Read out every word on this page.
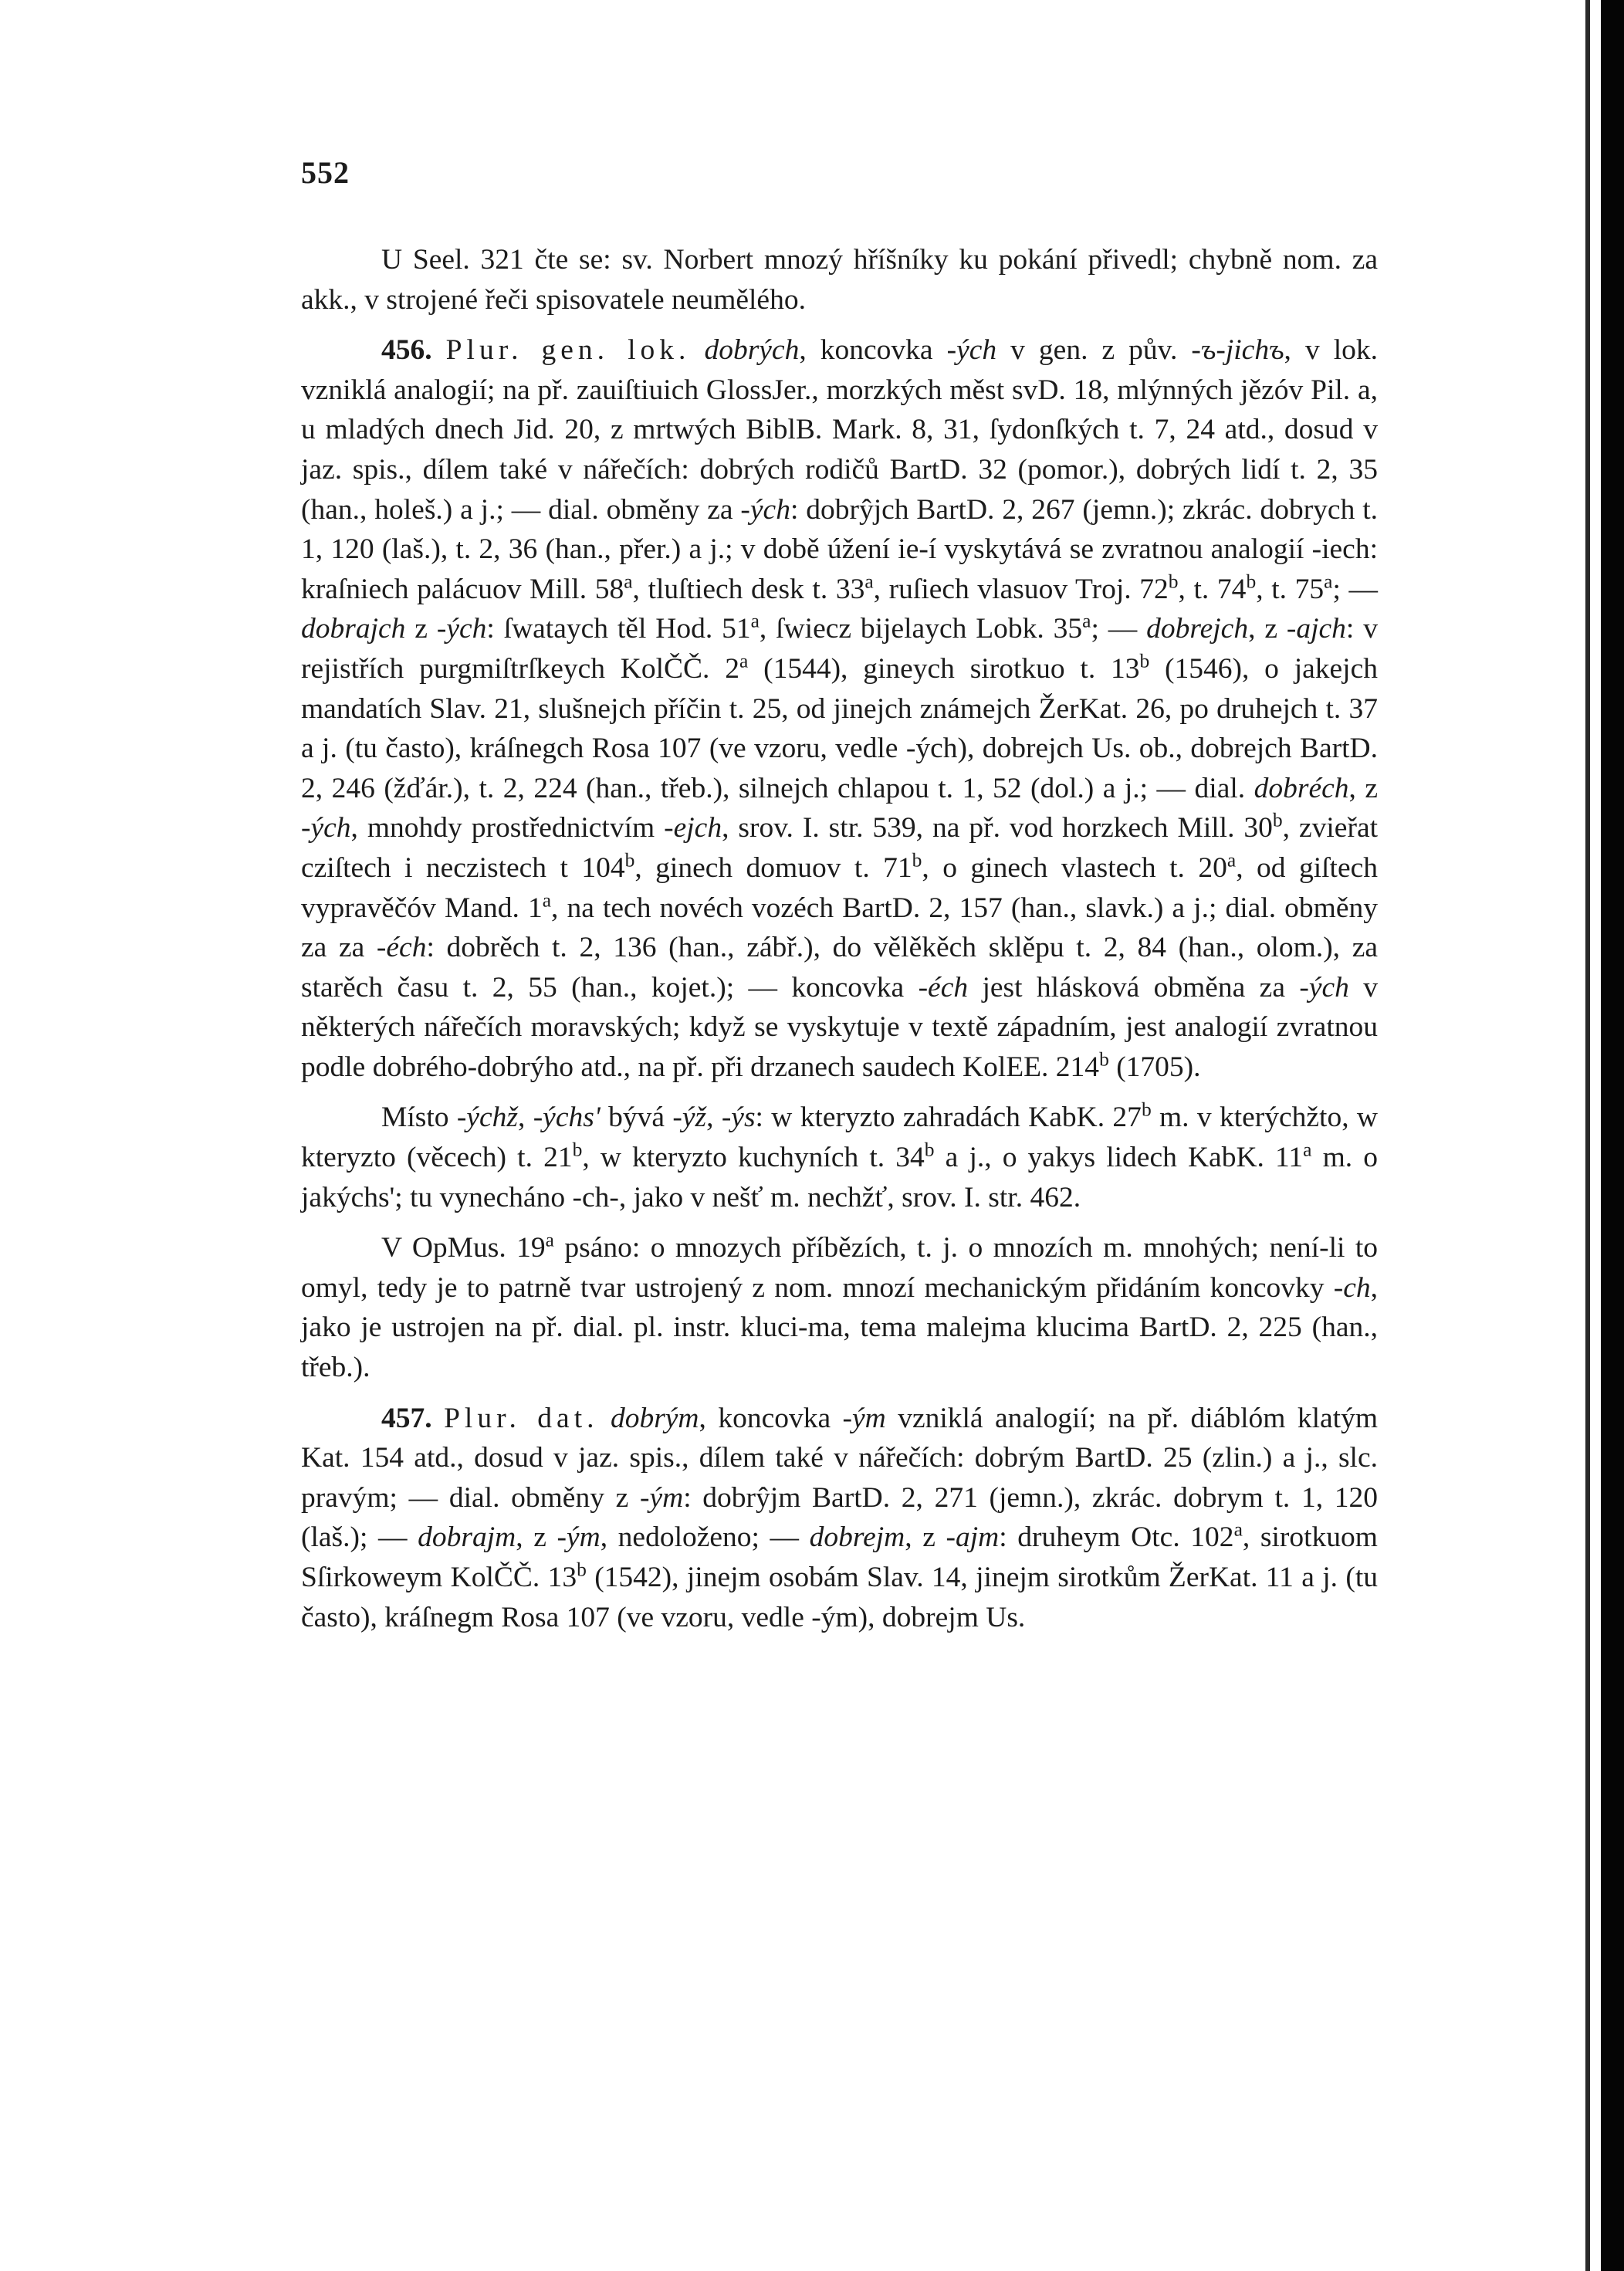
552

U Seel. 321 čte se: sv. Norbert mnozý hříšníky ku pokání přivedl; chybně nom. za akk., v strojené řeči spisovatele neumělého.

456. Plur. gen. lok. dobrých, koncovka -ých v gen. z pův. -ъ-jichъ, v lok. vzniklá analogií; na př. zauiſtiuich GlossJer., morzkých měst svD. 18, mlýnných jězóv Pil. a, u mladých dnech Jid. 20, z mrtwých BiblB. Mark. 8, 31, ſydonſkých t. 7, 24 atd., dosud v jaz. spis., dílem také v nářečích: dobrých rodičů BartD. 32 (pomor.), dobrých lidí t. 2, 35 (han., holeš.) a j.; — dial. obměny za -ých: dobrŷjch BartD. 2, 267 (jemn.); zkrác. dobrych t. 1, 120 (laš.), t. 2, 36 (han., přer.) a j.; v době úžení ie-í vyskytává se zvratnou analogií -iech: kraſniech palácuov Mill. 58$^a$, tluſtiech desk t. 33$^a$, ruſiech vlasuov Troj. 72$^b$, t. 74$^b$, t. 75$^a$; — dobrajch z -ých: ſwataych těl Hod. 51$^a$, ſwiecz bijelaych Lobk. 35$^a$; — dobrejch, z -ajch: v rejistřích purgmiſtrſkeych KolČČ. 2$^a$ (1544), gineych sirotkuo t. 13$^b$ (1546), o jakejch mandatích Slav. 21, slušnejch příčin t. 25, od jinejch známejch ŽerKat. 26, po druhejch t. 37 a j. (tu často), kráſnegch Rosa 107 (ve vzoru, vedle -ých), dobrejch Us. ob., dobrejch BartD. 2, 246 (žďár.), t. 2, 224 (han., třeb.), silnejch chlapou t. 1, 52 (dol.) a j.; — dial. dobréch, z -ých, mnohdy prostřednictvím -ejch, srov. I. str. 539, na př. vod horzkech Mill. 30$^b$, zvieřat cziſtech i neczistech t 104$^b$, ginech domuov t. 71$^b$, o ginech vlastech t. 20$^a$, od giſtech vypravěčóv Mand. 1$^a$, na tech novéch vozéch BartD. 2, 157 (han., slavk.) a j.; dial. obměny za za -éch: dobrěch t. 2, 136 (han., zábř.), do vělěkěch sklěpu t. 2, 84 (han., olom.), za starěch času t. 2, 55 (han., kojet.); — koncovka -éch jest hlásková obměna za -ých v některých nářečích moravských; když se vyskytuje v textě západním, jest analogií zvratnou podle dobrého-dobrýho atd., na př. při drzanech saudech KolEE. 214$^b$ (1705).

Místo -ýchž, -ýchs' bývá -ýž, -ýs: w kteryzto zahradách KabK. 27$^b$ m. v kterýchžto, w kteryzto (věcech) t. 21$^b$, w kteryzto kuchyních t. 34$^b$ a j., o yakys lidech KabK. 11$^a$ m. o jakýchs'; tu vynecháno -ch-, jako v nešť m. nechžť, srov. I. str. 462.

V OpMus. 19$^a$ psáno: o mnozych příbězích, t. j. o mnozích m. mnohých; není-li to omyl, tedy je to patrně tvar ustrojený z nom. mnozí mechanickým přidáním koncovky -ch, jako je ustrojen na př. dial. pl. instr. kluci-ma, tema malejma klucima BartD. 2, 225 (han., třeb.).

457. Plur. dat. dobrým, koncovka -ým vzniklá analogií; na př. diáblóm klatým Kat. 154 atd., dosud v jaz. spis., dílem také v nářečích: dobrým BartD. 25 (zlin.) a j., slc. pravým; — dial. obměny z -ým: dobrŷjm BartD. 2, 271 (jemn.), zkrác. dobrym t. 1, 120 (laš.); — dobrajm, z -ým, nedoloženo; — dobrejm, z -ajm: druheym Otc. 102$^a$, sirotkuom Sſirkoweym KolČČ. 13$^b$ (1542), jinejm osobám Slav. 14, jinejm sirotkům ŽerKat. 11 a j. (tu často), kráſnegm Rosa 107 (ve vzoru, vedle -ým), dobrejm Us.
